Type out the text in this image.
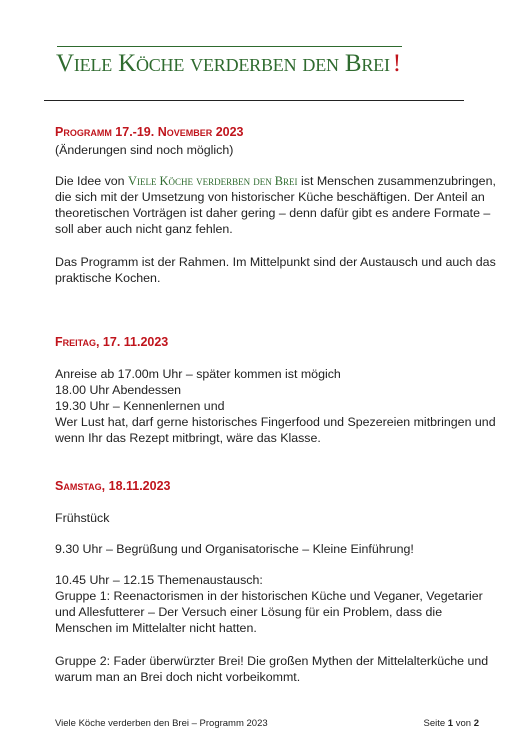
Viele Köche verderben den Brei !
Programm 17.-19. November 2023
(Änderungen sind noch möglich)
Die Idee von Viele Köche verderben den Brei ist Menschen zusammenzubringen,
die sich mit der Umsetzung von historischer Küche beschäftigen. Der Anteil an
theoretischen Vorträgen ist daher gering – denn dafür gibt es andere Formate –
soll aber auch nicht ganz fehlen.
Das Programm ist der Rahmen. Im Mittelpunkt sind der Austausch und auch das
praktische Kochen.
Freitag, 17. 11.2023
Anreise ab 17.00m Uhr – später kommen ist mögich
18.00 Uhr Abendessen
19.30 Uhr – Kennenlernen und
Wer Lust hat, darf gerne historisches Fingerfood und Spezereien mitbringen und
wenn Ihr das Rezept mitbringt, wäre das Klasse.
Samstag, 18.11.2023
Frühstück
9.30 Uhr – Begrüßung und Organisatorische – Kleine Einführung!
10.45 Uhr – 12.15 Themenaustausch:
Gruppe 1: Reenactorismen in der historischen Küche und Veganer, Vegetarier
und Allesfutterer – Der Versuch einer Lösung für ein Problem, dass die
Menschen im Mittelalter nicht hatten.
Gruppe 2: Fader überwürzter Brei! Die großen Mythen der Mittelalterküche und
warum man an Brei doch nicht vorbeikommt.
Viele Köche verderben den Brei – Programm 2023	Seite 1 von 2
